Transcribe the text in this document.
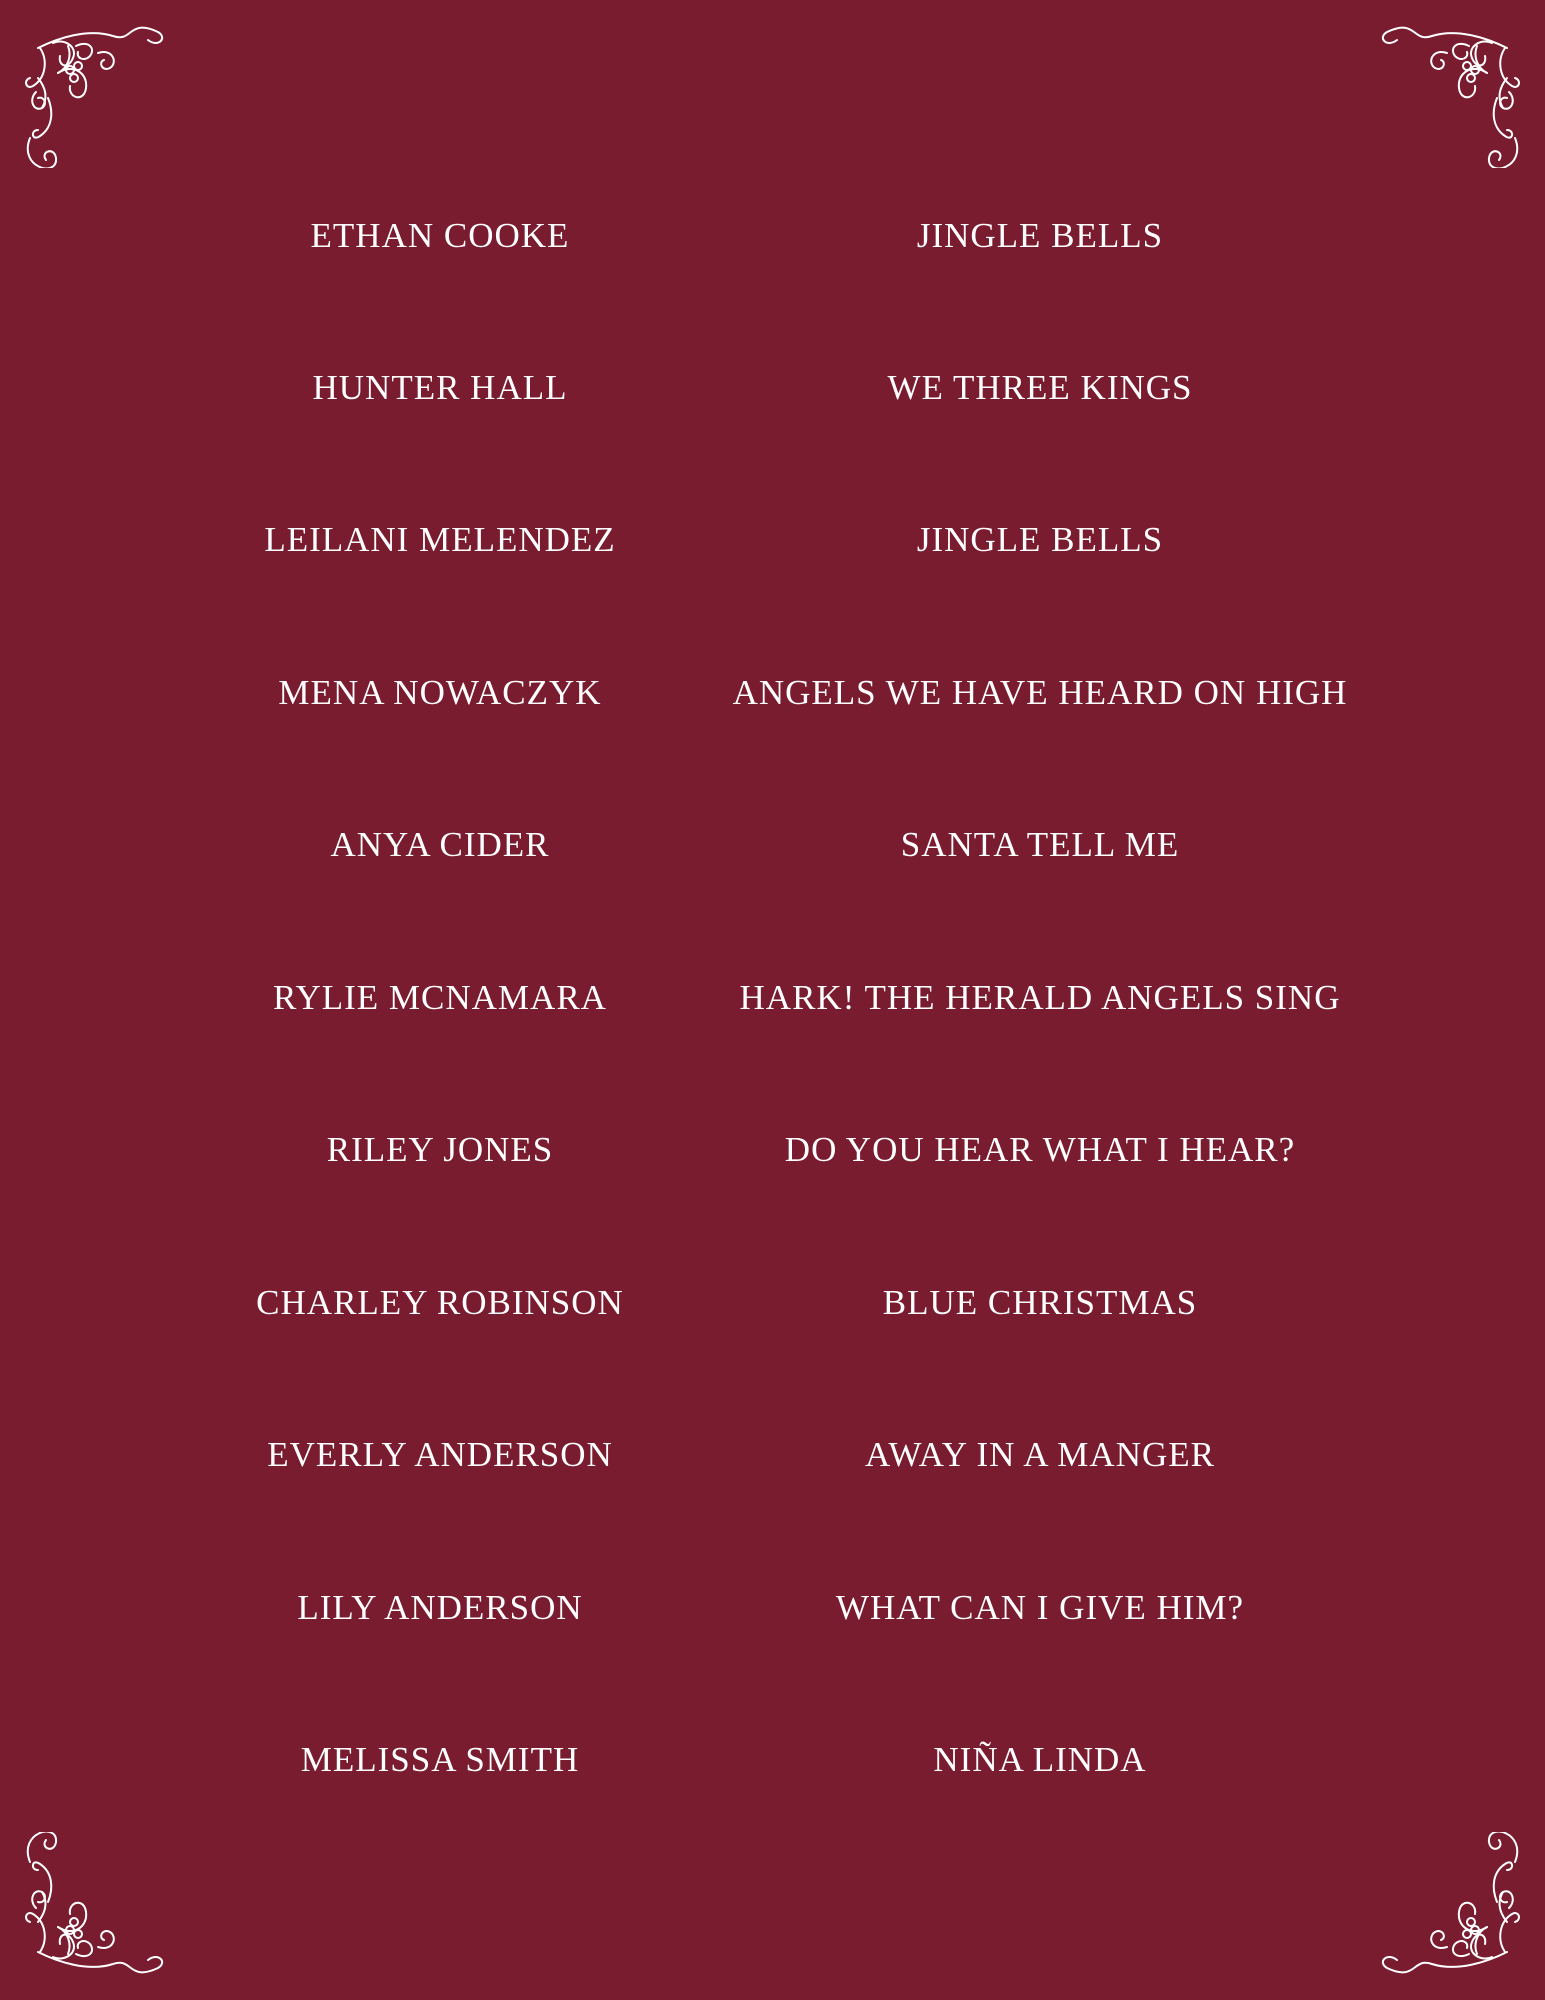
ETHAN COOKE	JINGLE BELLS
HUNTER HALL	WE THREE KINGS
LEILANI MELENDEZ	JINGLE BELLS
MENA NOWACZYK	ANGELS WE HAVE HEARD ON HIGH
ANYA CIDER	SANTA TELL ME
RYLIE MCNAMARA	HARK! THE HERALD ANGELS SING
RILEY JONES	DO YOU HEAR WHAT I HEAR?
CHARLEY ROBINSON	BLUE CHRISTMAS
EVERLY ANDERSON	AWAY IN A MANGER
LILY ANDERSON	WHAT CAN I GIVE HIM?
MELISSA SMITH	NIÑA LINDA
